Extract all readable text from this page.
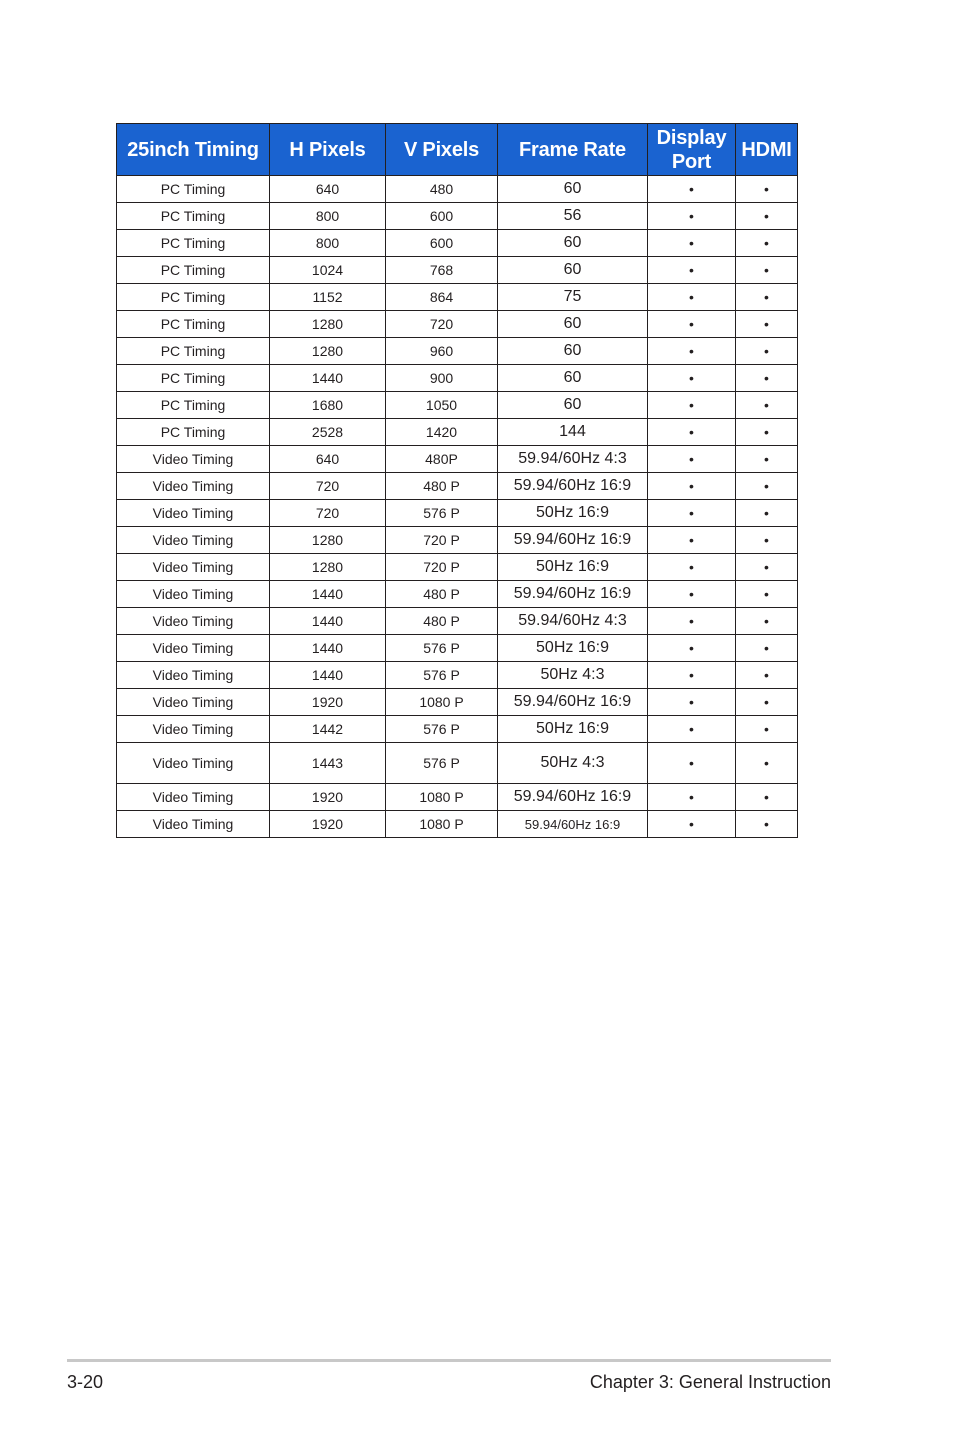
25inch Timing	H Pixels	V Pixels	Frame Rate	Display Port	HDMI
PC Timing	640	480	60	•	•
PC Timing	800	600	56	•	•
PC Timing	800	600	60	•	•
PC Timing	1024	768	60	•	•
PC Timing	1152	864	75	•	•
PC Timing	1280	720	60	•	•
PC Timing	1280	960	60	•	•
PC Timing	1440	900	60	•	•
PC Timing	1680	1050	60	•	•
PC Timing	2528	1420	144	•	•
Video Timing	640	480P	59.94/60Hz 4:3	•	•
Video Timing	720	480 P	59.94/60Hz 16:9	•	•
Video Timing	720	576 P	50Hz 16:9	•	•
Video Timing	1280	720 P	59.94/60Hz 16:9	•	•
Video Timing	1280	720 P	50Hz 16:9	•	•
Video Timing	1440	480 P	59.94/60Hz 16:9	•	•
Video Timing	1440	480 P	59.94/60Hz 4:3	•	•
Video Timing	1440	576 P	50Hz 16:9	•	•
Video Timing	1440	576 P	50Hz 4:3	•	•
Video Timing	1920	1080 P	59.94/60Hz 16:9	•	•
Video Timing	1442	576 P	50Hz 16:9	•	•
Video Timing	1443	576 P	50Hz 4:3	•	•
Video Timing	1920	1080 P	59.94/60Hz 16:9	•	•
Video Timing	1920	1080 P	59.94/60Hz 16:9	•	•
3-20	Chapter 3: General Instruction
